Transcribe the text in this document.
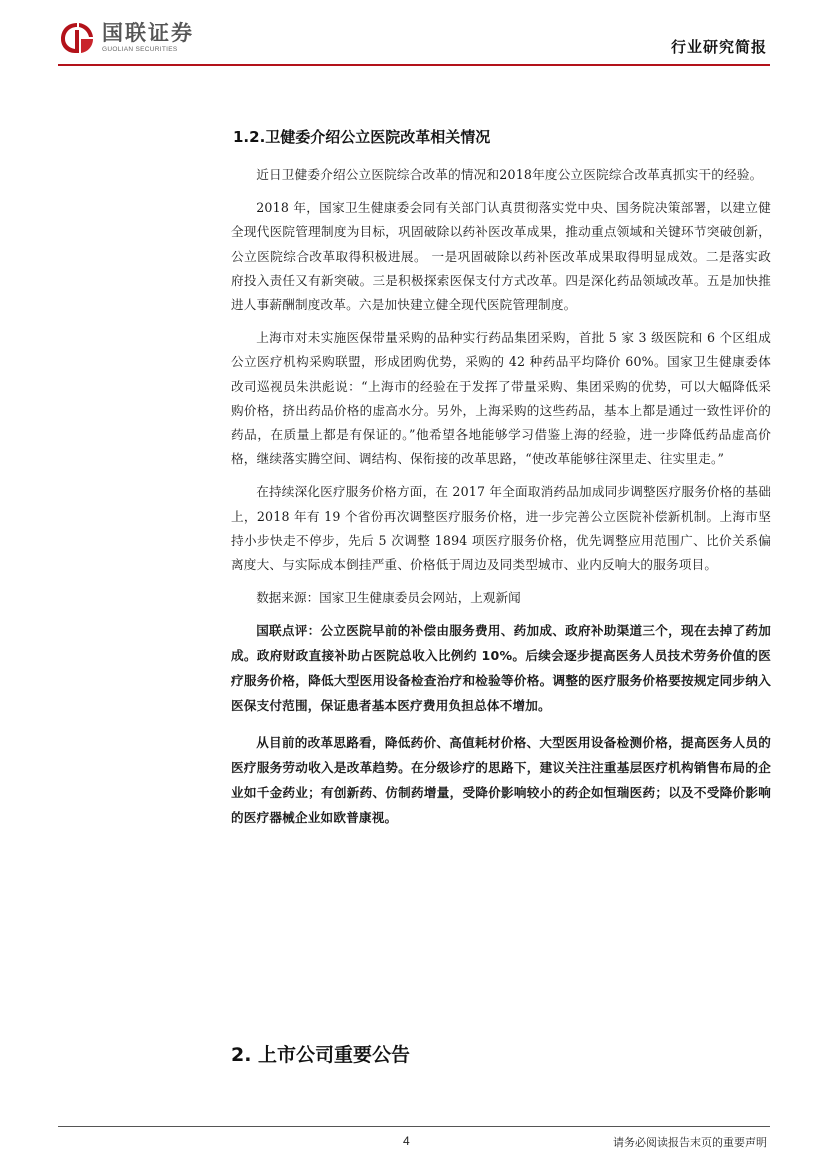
国联证券
GUOLIAN SECURITIES	行业研究简报
1.2.卫健委介绍公立医院改革相关情况

近日卫健委介绍公立医院综合改革的情况和2018年度公立医院综合改革真抓实干的经验。

2018 年，国家卫生健康委会同有关部门认真贯彻落实党中央、国务院决策部署，以建立健全现代医院管理制度为目标，巩固破除以药补医改革成果，推动重点领域和关键环节突破创新，公立医院综合改革取得积极进展。 一是巩固破除以药补医改革成果取得明显成效。二是落实政府投入责任又有新突破。三是积极探索医保支付方式改革。四是深化药品领域改革。五是加快推进人事薪酬制度改革。六是加快建立健全现代医院管理制度。

上海市对未实施医保带量采购的品种实行药品集团采购，首批 5 家 3 级医院和 6 个区组成公立医疗机构采购联盟，形成团购优势，采购的 42 种药品平均降价 60%。国家卫生健康委体改司巡视员朱洪彪说：“上海市的经验在于发挥了带量采购、集团采购的优势，可以大幅降低采购价格，挤出药品价格的虚高水分。另外，上海采购的这些药品，基本上都是通过一致性评价的药品，在质量上都是有保证的。”他希望各地能够学习借鉴上海的经验，进一步降低药品虚高价格，继续落实腾空间、调结构、保衔接的改革思路，“使改革能够往深里走、往实里走。”

在持续深化医疗服务价格方面，在 2017 年全面取消药品加成同步调整医疗服务价格的基础上，2018 年有 19 个省份再次调整医疗服务价格，进一步完善公立医院补偿新机制。上海市坚持小步快走不停步，先后 5 次调整 1894 项医疗服务价格，优先调整应用范围广、比价关系偏离度大、与实际成本倒挂严重、价格低于周边及同类型城市、业内反响大的服务项目。

数据来源：国家卫生健康委员会网站，上观新闻

国联点评：公立医院早前的补偿由服务费用、药加成、政府补助渠道三个，现在去掉了药加成。政府财政直接补助占医院总收入比例约 10%。后续会逐步提高医务人员技术劳务价值的医疗服务价格，降低大型医用设备检查治疗和检验等价格。调整的医疗服务价格要按规定同步纳入医保支付范围，保证患者基本医疗费用负担总体不增加。

从目前的改革思路看，降低药价、高值耗材价格、大型医用设备检测价格，提高医务人员的医疗服务劳动收入是改革趋势。在分级诊疗的思路下，建议关注注重基层医疗机构销售布局的企业如千金药业；有创新药、仿制药增量，受降价影响较小的药企如恒瑞医药；以及不受降价影响的医疗器械企业如欧普康视。

2. 上市公司重要公告
4	请务必阅读报告末页的重要声明
